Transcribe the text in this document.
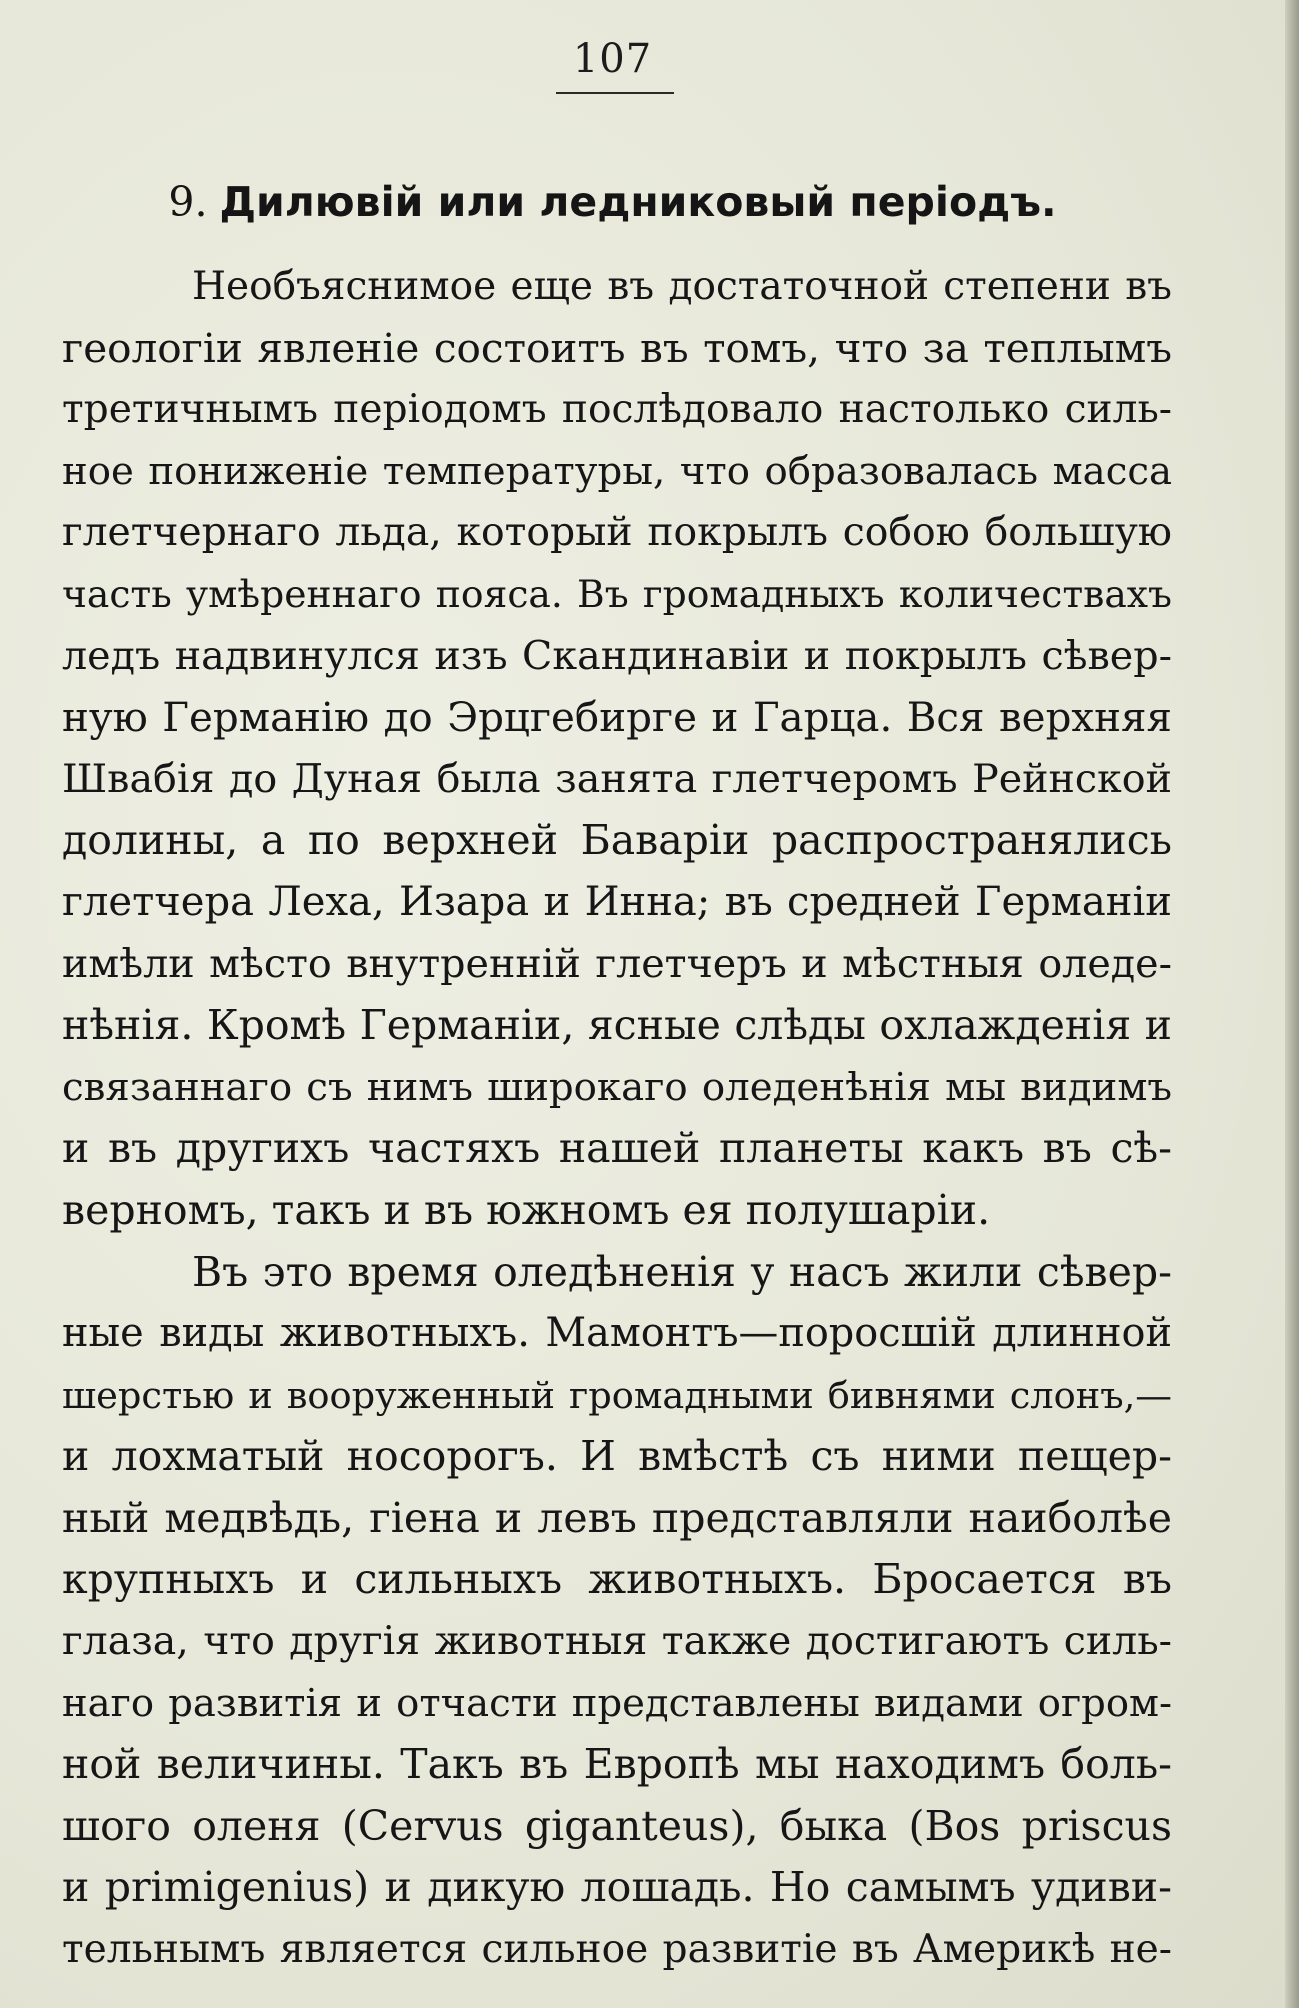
107
9. Дилювій или ледниковый періодъ.
Необъяснимое еще въ достаточной степени въ
геологіи явленіе состоитъ въ томъ, что за теплымъ
третичнымъ періодомъ послѣдовало настолько силь-
ное пониженіе температуры, что образовалась масса
глетчернаго льда, который покрылъ собою большую
часть умѣреннаго пояса. Въ громадныхъ количествахъ
ледъ надвинулся изъ Скандинавіи и покрылъ сѣвер-
ную Германію до Эрцгебирге и Гарца. Вся верхняя
Швабія до Дуная была занята глетчеромъ Рейнской
долины, а по верхней Баваріи распространялись
глетчера Леха, Изара и Инна; въ средней Германіи
имѣли мѣсто внутренній глетчеръ и мѣстныя оледе-
нѣнія. Кромѣ Германіи, ясные слѣды охлажденія и
связаннаго съ нимъ широкаго оледенѣнія мы видимъ
и въ другихъ частяхъ нашей планеты какъ въ сѣ-
верномъ, такъ и въ южномъ ея полушаріи.
Въ это время оледѣненія у насъ жили сѣвер-
ные виды животныхъ. Мамонтъ—поросшій длинной
шерстью и вооруженный громадными бивнями слонъ,—
и лохматый носорогъ. И вмѣстѣ съ ними пещер-
ный медвѣдь, гіена и левъ представляли наиболѣе
крупныхъ и сильныхъ животныхъ. Бросается въ
глаза, что другія животныя также достигаютъ силь-
наго развитія и отчасти представлены видами огром-
ной величины. Такъ въ Европѣ мы находимъ боль-
шого оленя (Cervus giganteus), быка (Bos priscus
и primigenius) и дикую лошадь. Но самымъ удиви-
тельнымъ является сильное развитіе въ Америкѣ не-
